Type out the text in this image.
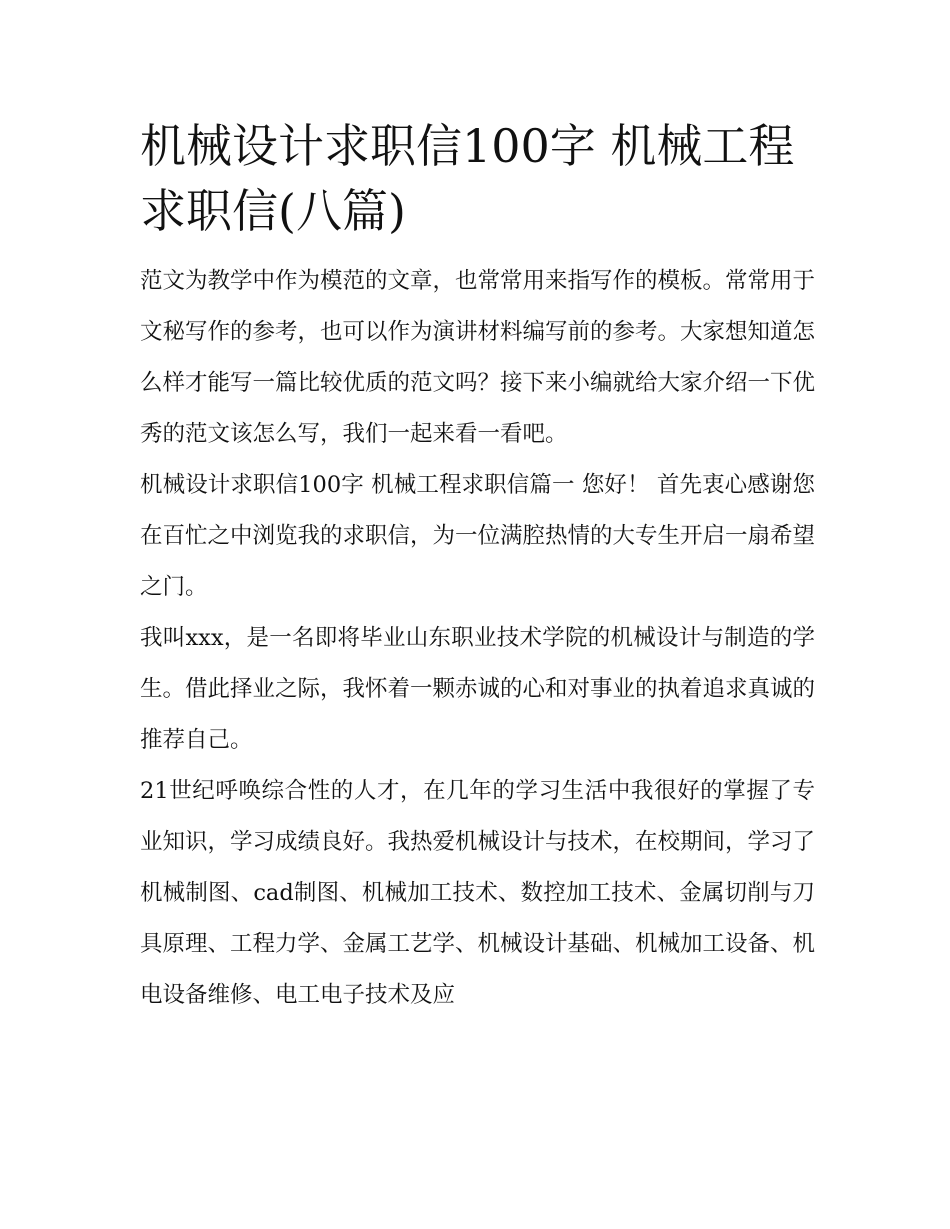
机械设计求职信100字 机械工程求职信(八篇)

范文为教学中作为模范的文章，也常常用来指写作的模板。常常用于文秘写作的参考，也可以作为演讲材料编写前的参考。大家想知道怎么样才能写一篇比较优质的范文吗？接下来小编就给大家介绍一下优秀的范文该怎么写，我们一起来看一看吧。

机械设计求职信100字 机械工程求职信篇一 您好！ 首先衷心感谢您在百忙之中浏览我的求职信，为一位满腔热情的大专生开启一扇希望之门。

我叫xxx，是一名即将毕业山东职业技术学院的机械设计与制造的学生。借此择业之际，我怀着一颗赤诚的心和对事业的执着追求真诚的推荐自己。

21世纪呼唤综合性的人才，在几年的学习生活中我很好的掌握了专业知识，学习成绩良好。我热爱机械设计与技术，在校期间，学习了机械制图、cad制图、机械加工技术、数控加工技术、金属切削与刀具原理、工程力学、金属工艺学、机械设计基础、机械加工设备、机电设备维修、电工电子技术及应
